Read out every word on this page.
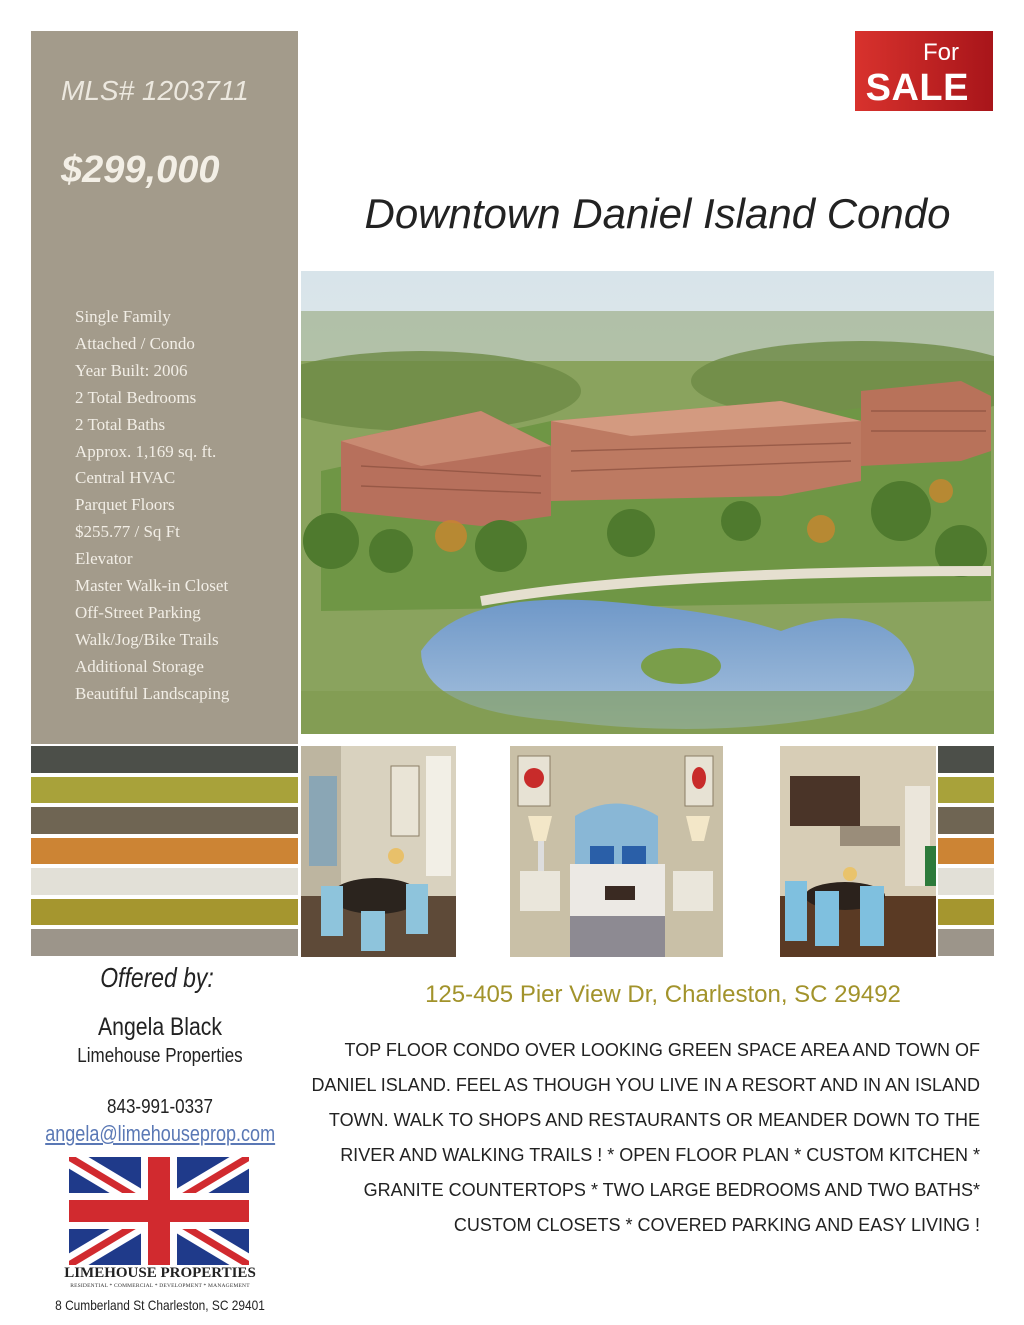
MLS# 1203711
$299,000
Single Family
Attached / Condo
Year Built: 2006
2 Total Bedrooms
2 Total Baths
Approx. 1,169 sq. ft.
Central HVAC
Parquet Floors
$255.77 / Sq Ft
Elevator
Master Walk-in Closet
Off-Street Parking
Walk/Jog/Bike Trails
Additional Storage
Beautiful Landscaping
For
SALE
Downtown Daniel Island Condo
Offered by:
Angela Black
Limehouse Properties
843-991-0337
angela@limehouseprop.com
LIMEHOUSE PROPERTIES
RESIDENTIAL * COMMERCIAL * DEVELOPMENT * MANAGEMENT
8 Cumberland St Charleston, SC 29401
125-405 Pier View Dr, Charleston, SC 29492
TOP FLOOR CONDO OVER LOOKING GREEN SPACE AREA AND TOWN OF DANIEL ISLAND. FEEL AS THOUGH YOU LIVE IN A RESORT AND IN AN ISLAND TOWN. WALK TO SHOPS AND RESTAURANTS OR MEANDER DOWN TO THE RIVER AND WALKING TRAILS ! * OPEN FLOOR PLAN * CUSTOM KITCHEN * GRANITE COUNTERTOPS * TWO LARGE BEDROOMS AND TWO BATHS* CUSTOM CLOSETS * COVERED PARKING AND EASY LIVING !
